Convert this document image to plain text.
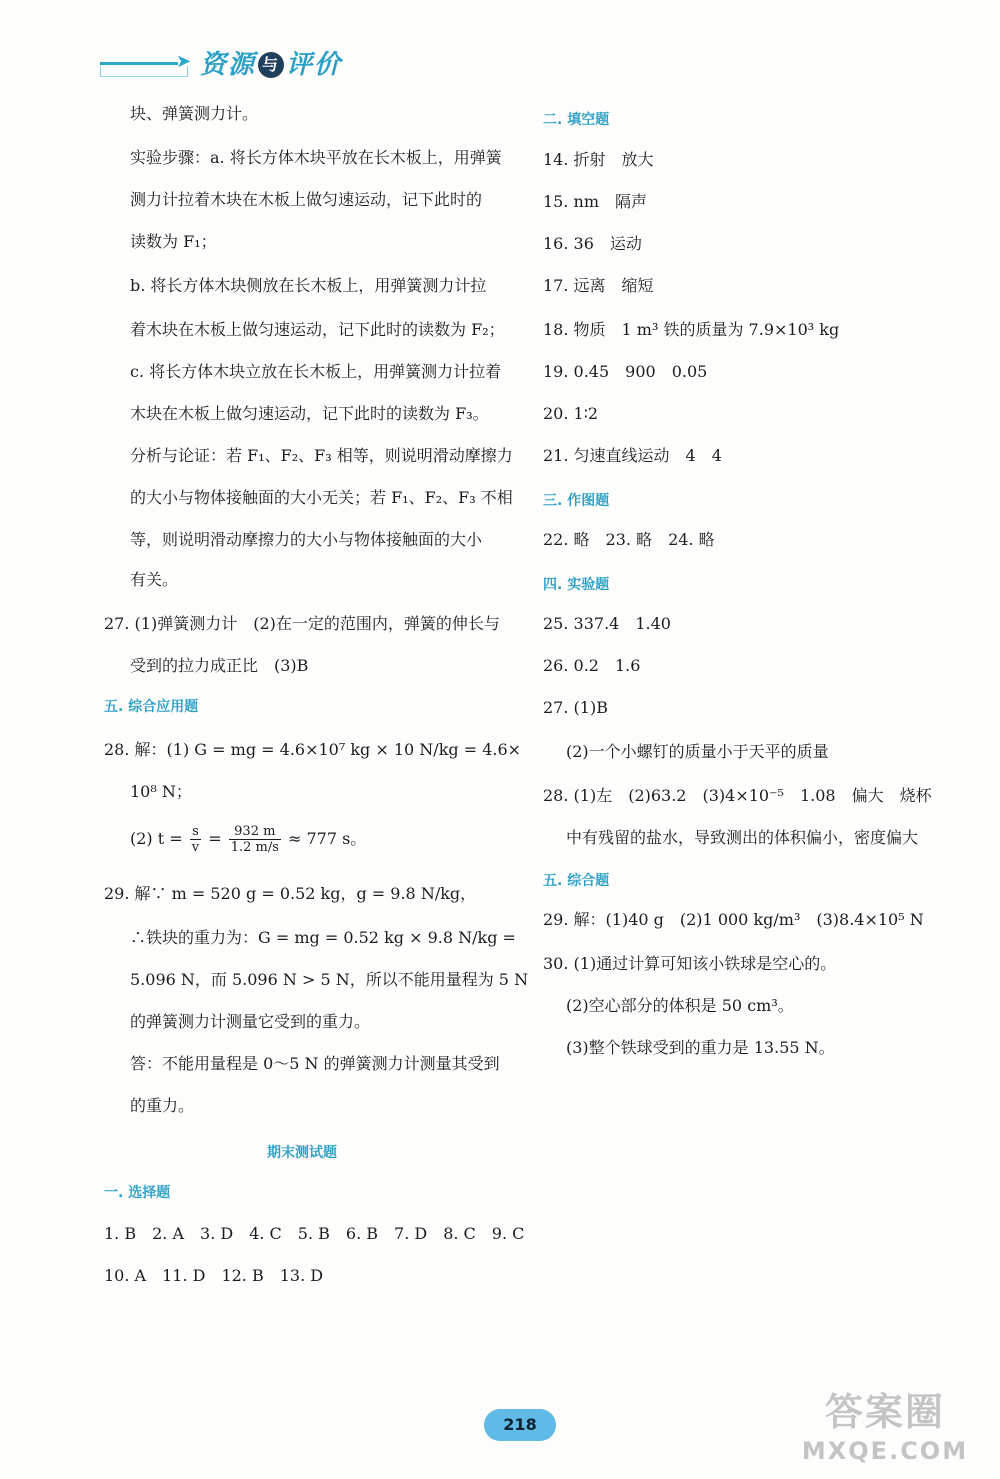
➤ 资源 与 评价
块、弹簧测力计。
实验步骤：a. 将长方体木块平放在长木板上，用弹簧
测力计拉着木块在木板上做匀速运动，记下此时的
读数为 F₁；
b. 将长方体木块侧放在长木板上，用弹簧测力计拉
着木块在木板上做匀速运动，记下此时的读数为 F₂；
c. 将长方体木块立放在长木板上，用弹簧测力计拉着
木块在木板上做匀速运动，记下此时的读数为 F₃。
分析与论证：若 F₁、F₂、F₃ 相等，则说明滑动摩擦力
的大小与物体接触面的大小无关；若 F₁、F₂、F₃ 不相
等，则说明滑动摩擦力的大小与物体接触面的大小
有关。
27. (1)弹簧测力计　(2)在一定的范围内，弹簧的伸长与
受到的拉力成正比　(3)B
五. 综合应用题
28. 解：(1) G = mg = 4.6×10⁷ kg × 10 N/kg = 4.6×
10⁸ N；
(2) $t = \frac{s}{v} = \frac{932 m}{1.2 m/s} \approx 777$ s。
29. 解∵ m = 520 g = 0.52 kg，g = 9.8 N/kg，
∴铁块的重力为：G = mg = 0.52 kg × 9.8 N/kg =
5.096 N，而 5.096 N > 5 N，所以不能用量程为 5 N
的弹簧测力计测量它受到的重力。
答：不能用量程是 0～5 N 的弹簧测力计测量其受到
的重力。
期末测试题
一. 选择题
1. B　2. A　3. D　4. C　5. B　6. B　7. D　8. C　9. C
10. A　11. D　12. B　13. D
二. 填空题
14. 折射　放大
15. nm　隔声
16. 36　运动
17. 远离　缩短
18. 物质　1 m³ 铁的质量为 7.9×10³ kg
19. 0.45　900　0.05
20. 1∶2
21. 匀速直线运动　4　4
三. 作图题
22. 略　23. 略　24. 略
四. 实验题
25. 337.4　1.40
26. 0.2　1.6
27. (1)B
(2)一个小螺钉的质量小于天平的质量
28. (1)左　(2)63.2　(3)4×10⁻⁵　1.08　偏大　烧杯
中有残留的盐水，导致测出的体积偏小，密度偏大
五. 综合题
29. 解：(1)40 g　(2)1 000 kg/m³　(3)8.4×10⁵ N
30. (1)通过计算可知该小铁球是空心的。
(2)空心部分的体积是 50 cm³。
(3)整个铁球受到的重力是 13.55 N。
218	答案圈
MXQE.COM
